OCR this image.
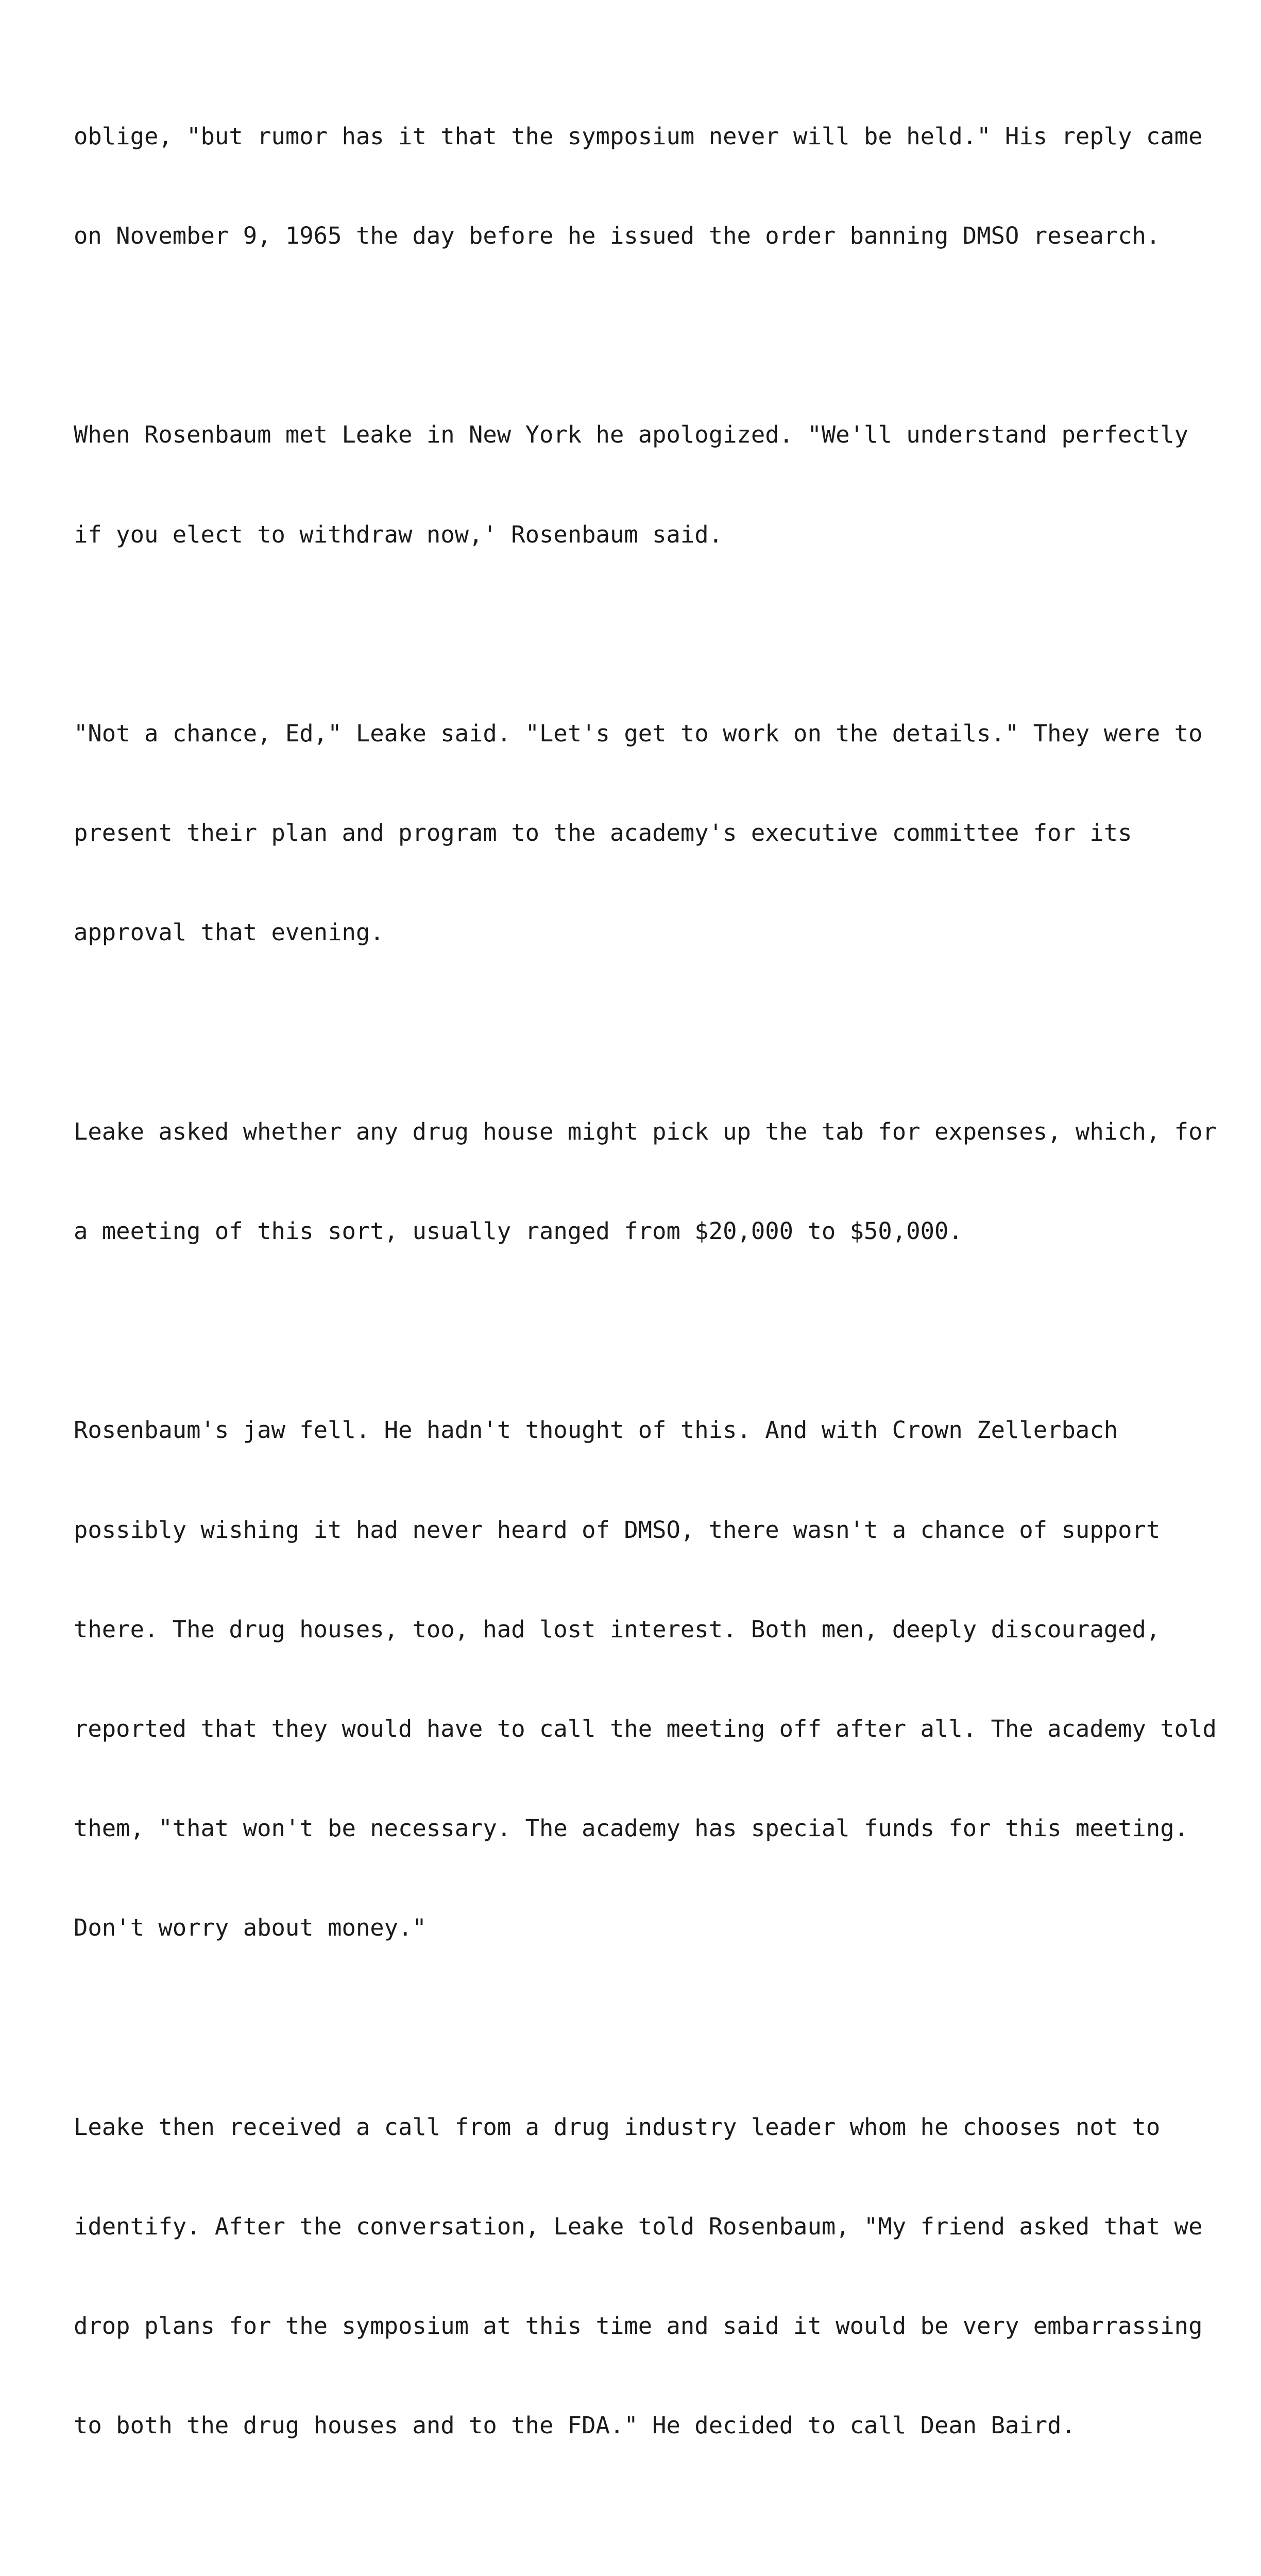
oblige, "but rumor has it that the symposium never will be held." His reply came

on November 9, 1965 the day before he issued the order banning DMSO research.

When Rosenbaum met Leake in New York he apologized. "We'll understand perfectly

if you elect to withdraw now,' Rosenbaum said.

"Not a chance, Ed," Leake said. "Let's get to work on the details." They were to

present their plan and program to the academy's executive committee for its

approval that evening.

Leake asked whether any drug house might pick up the tab for expenses, which, for

a meeting of this sort, usually ranged from $20,000 to $50,000.

Rosenbaum's jaw fell. He hadn't thought of this. And with Crown Zellerbach

possibly wishing it had never heard of DMSO, there wasn't a chance of support

there. The drug houses, too, had lost interest. Both men, deeply discouraged,

reported that they would have to call the meeting off after all. The academy told

them, "that won't be necessary. The academy has special funds for this meeting.

Don't worry about money."

Leake then received a call from a drug industry leader whom he chooses not to

identify. After the conversation, Leake told Rosenbaum, "My friend asked that we

drop plans for the symposium at this time and said it would be very embarrassing

to both the drug houses and to the FDA." He decided to call Dean Baird.
